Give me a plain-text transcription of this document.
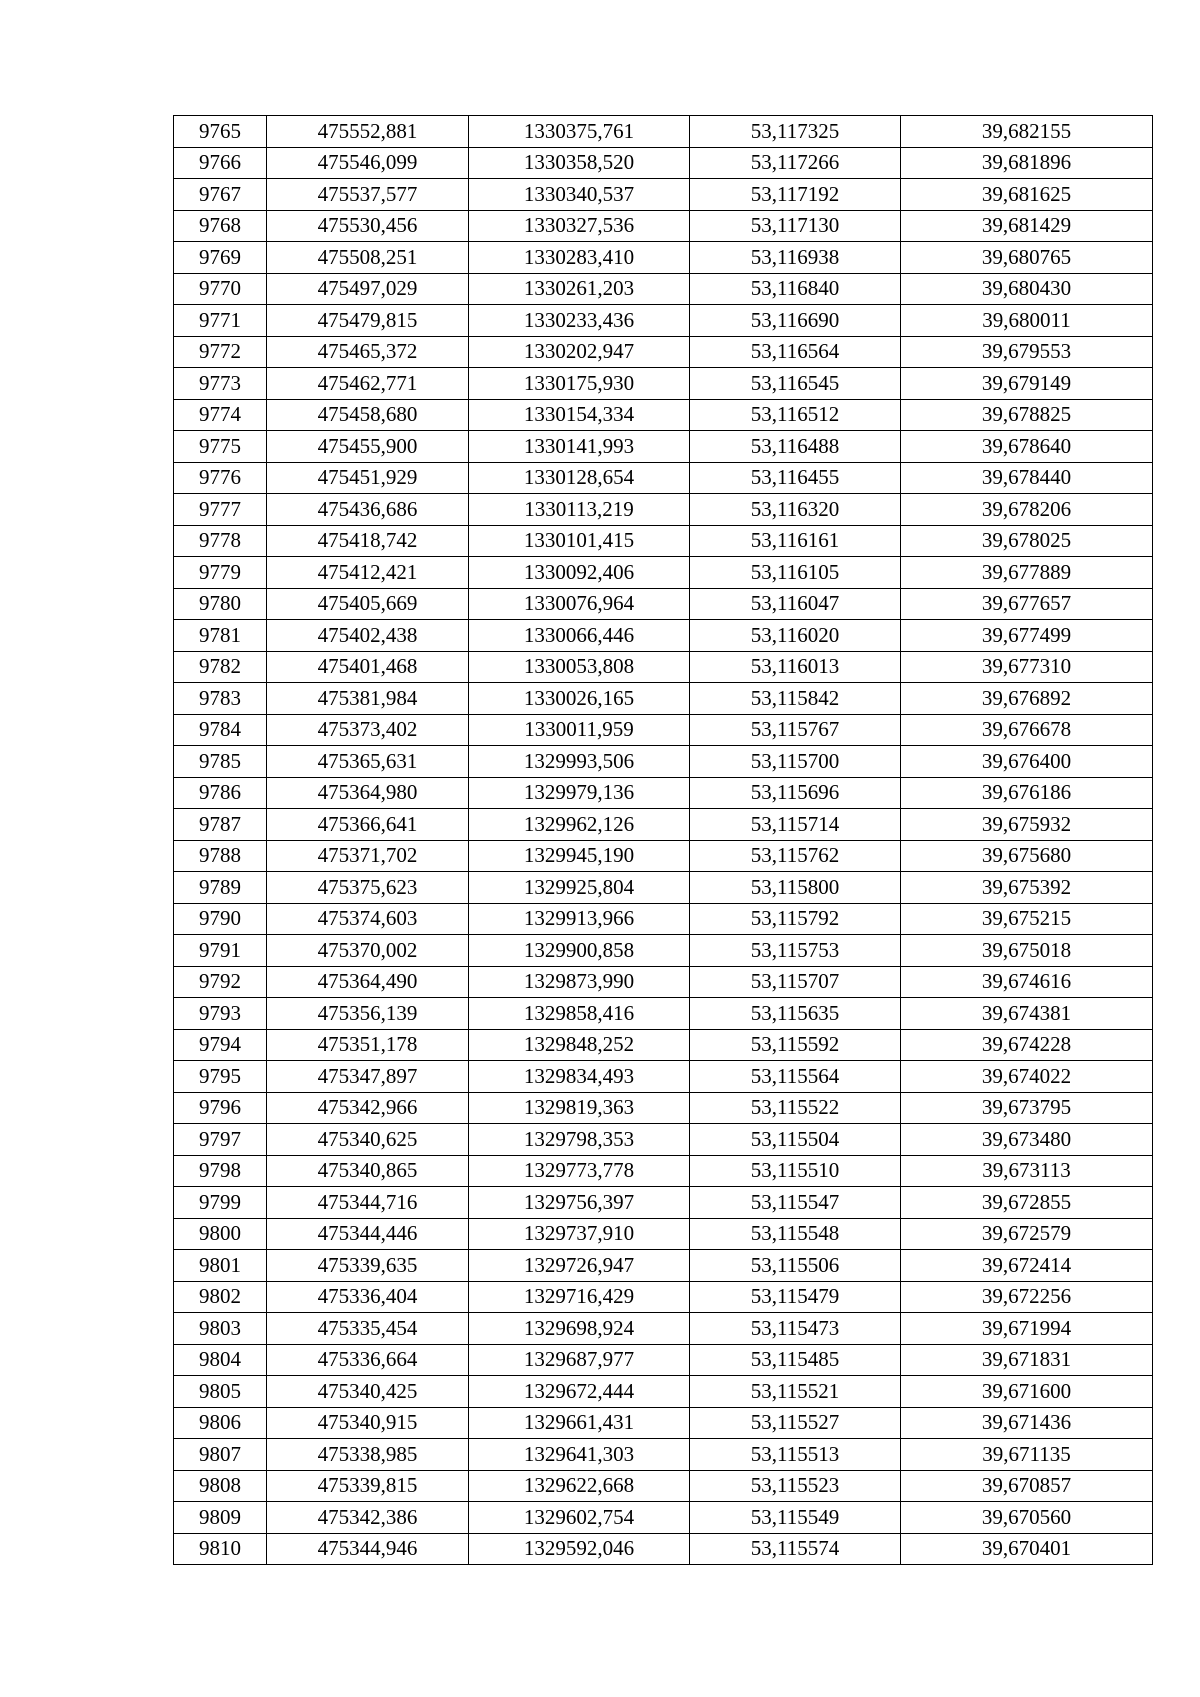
9765	475552,881	1330375,761	53,117325	39,682155
9766	475546,099	1330358,520	53,117266	39,681896
9767	475537,577	1330340,537	53,117192	39,681625
9768	475530,456	1330327,536	53,117130	39,681429
9769	475508,251	1330283,410	53,116938	39,680765
9770	475497,029	1330261,203	53,116840	39,680430
9771	475479,815	1330233,436	53,116690	39,680011
9772	475465,372	1330202,947	53,116564	39,679553
9773	475462,771	1330175,930	53,116545	39,679149
9774	475458,680	1330154,334	53,116512	39,678825
9775	475455,900	1330141,993	53,116488	39,678640
9776	475451,929	1330128,654	53,116455	39,678440
9777	475436,686	1330113,219	53,116320	39,678206
9778	475418,742	1330101,415	53,116161	39,678025
9779	475412,421	1330092,406	53,116105	39,677889
9780	475405,669	1330076,964	53,116047	39,677657
9781	475402,438	1330066,446	53,116020	39,677499
9782	475401,468	1330053,808	53,116013	39,677310
9783	475381,984	1330026,165	53,115842	39,676892
9784	475373,402	1330011,959	53,115767	39,676678
9785	475365,631	1329993,506	53,115700	39,676400
9786	475364,980	1329979,136	53,115696	39,676186
9787	475366,641	1329962,126	53,115714	39,675932
9788	475371,702	1329945,190	53,115762	39,675680
9789	475375,623	1329925,804	53,115800	39,675392
9790	475374,603	1329913,966	53,115792	39,675215
9791	475370,002	1329900,858	53,115753	39,675018
9792	475364,490	1329873,990	53,115707	39,674616
9793	475356,139	1329858,416	53,115635	39,674381
9794	475351,178	1329848,252	53,115592	39,674228
9795	475347,897	1329834,493	53,115564	39,674022
9796	475342,966	1329819,363	53,115522	39,673795
9797	475340,625	1329798,353	53,115504	39,673480
9798	475340,865	1329773,778	53,115510	39,673113
9799	475344,716	1329756,397	53,115547	39,672855
9800	475344,446	1329737,910	53,115548	39,672579
9801	475339,635	1329726,947	53,115506	39,672414
9802	475336,404	1329716,429	53,115479	39,672256
9803	475335,454	1329698,924	53,115473	39,671994
9804	475336,664	1329687,977	53,115485	39,671831
9805	475340,425	1329672,444	53,115521	39,671600
9806	475340,915	1329661,431	53,115527	39,671436
9807	475338,985	1329641,303	53,115513	39,671135
9808	475339,815	1329622,668	53,115523	39,670857
9809	475342,386	1329602,754	53,115549	39,670560
9810	475344,946	1329592,046	53,115574	39,670401
